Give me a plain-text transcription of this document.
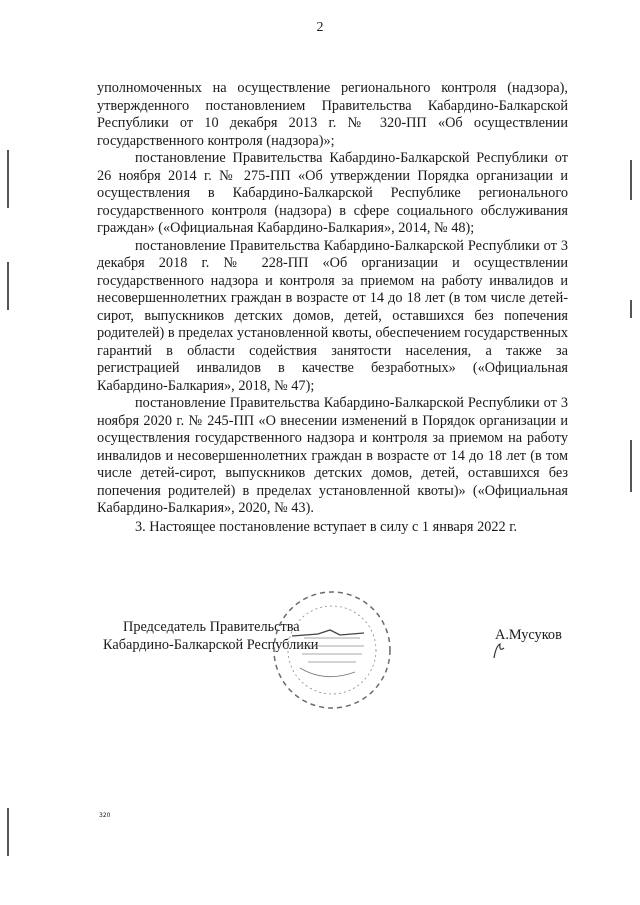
2

уполномоченных на осуществление регионального контроля (надзора), утвержденного постановлением Правительства Кабардино-Балкарской Республики от 10 декабря 2013 г. № 320-ПП «Об осуществлении государственного контроля (надзора)»;

постановление Правительства Кабардино-Балкарской Республики от 26 ноября 2014 г. № 275-ПП «Об утверждении Порядка организации и осуществления в Кабардино-Балкарской Республике регионального государственного контроля (надзора) в сфере социального обслуживания граждан» («Официальная Кабардино-Балкария», 2014, № 48);

постановление Правительства Кабардино-Балкарской Республики от 3 декабря 2018 г. № 228-ПП «Об организации и осуществлении государственного надзора и контроля за приемом на работу инвалидов и несовершеннолетних граждан в возрасте от 14 до 18 лет (в том числе детей-сирот, выпускников детских домов, детей, оставшихся без попечения родителей) в пределах установленной квоты, обеспечением государственных гарантий в области содействия занятости населения, а также за регистрацией инвалидов в качестве безработных» («Официальная Кабардино-Балкария», 2018, № 47);

постановление Правительства Кабардино-Балкарской Республики от 3 ноября 2020 г. № 245-ПП «О внесении изменений в Порядок организации и осуществления государственного надзора и контроля за приемом на работу инвалидов и несовершеннолетних граждан в возрасте от 14 до 18 лет (в том числе детей-сирот, выпускников детских домов, детей, оставшихся без попечения родителей) в пределах установленной квоты)» («Официальная Кабардино-Балкария», 2020, № 43).

3. Настоящее постановление вступает в силу с 1 января 2022 г.

Председатель Правительства
Кабардино-Балкарской Республики
А.Мусуков
320
